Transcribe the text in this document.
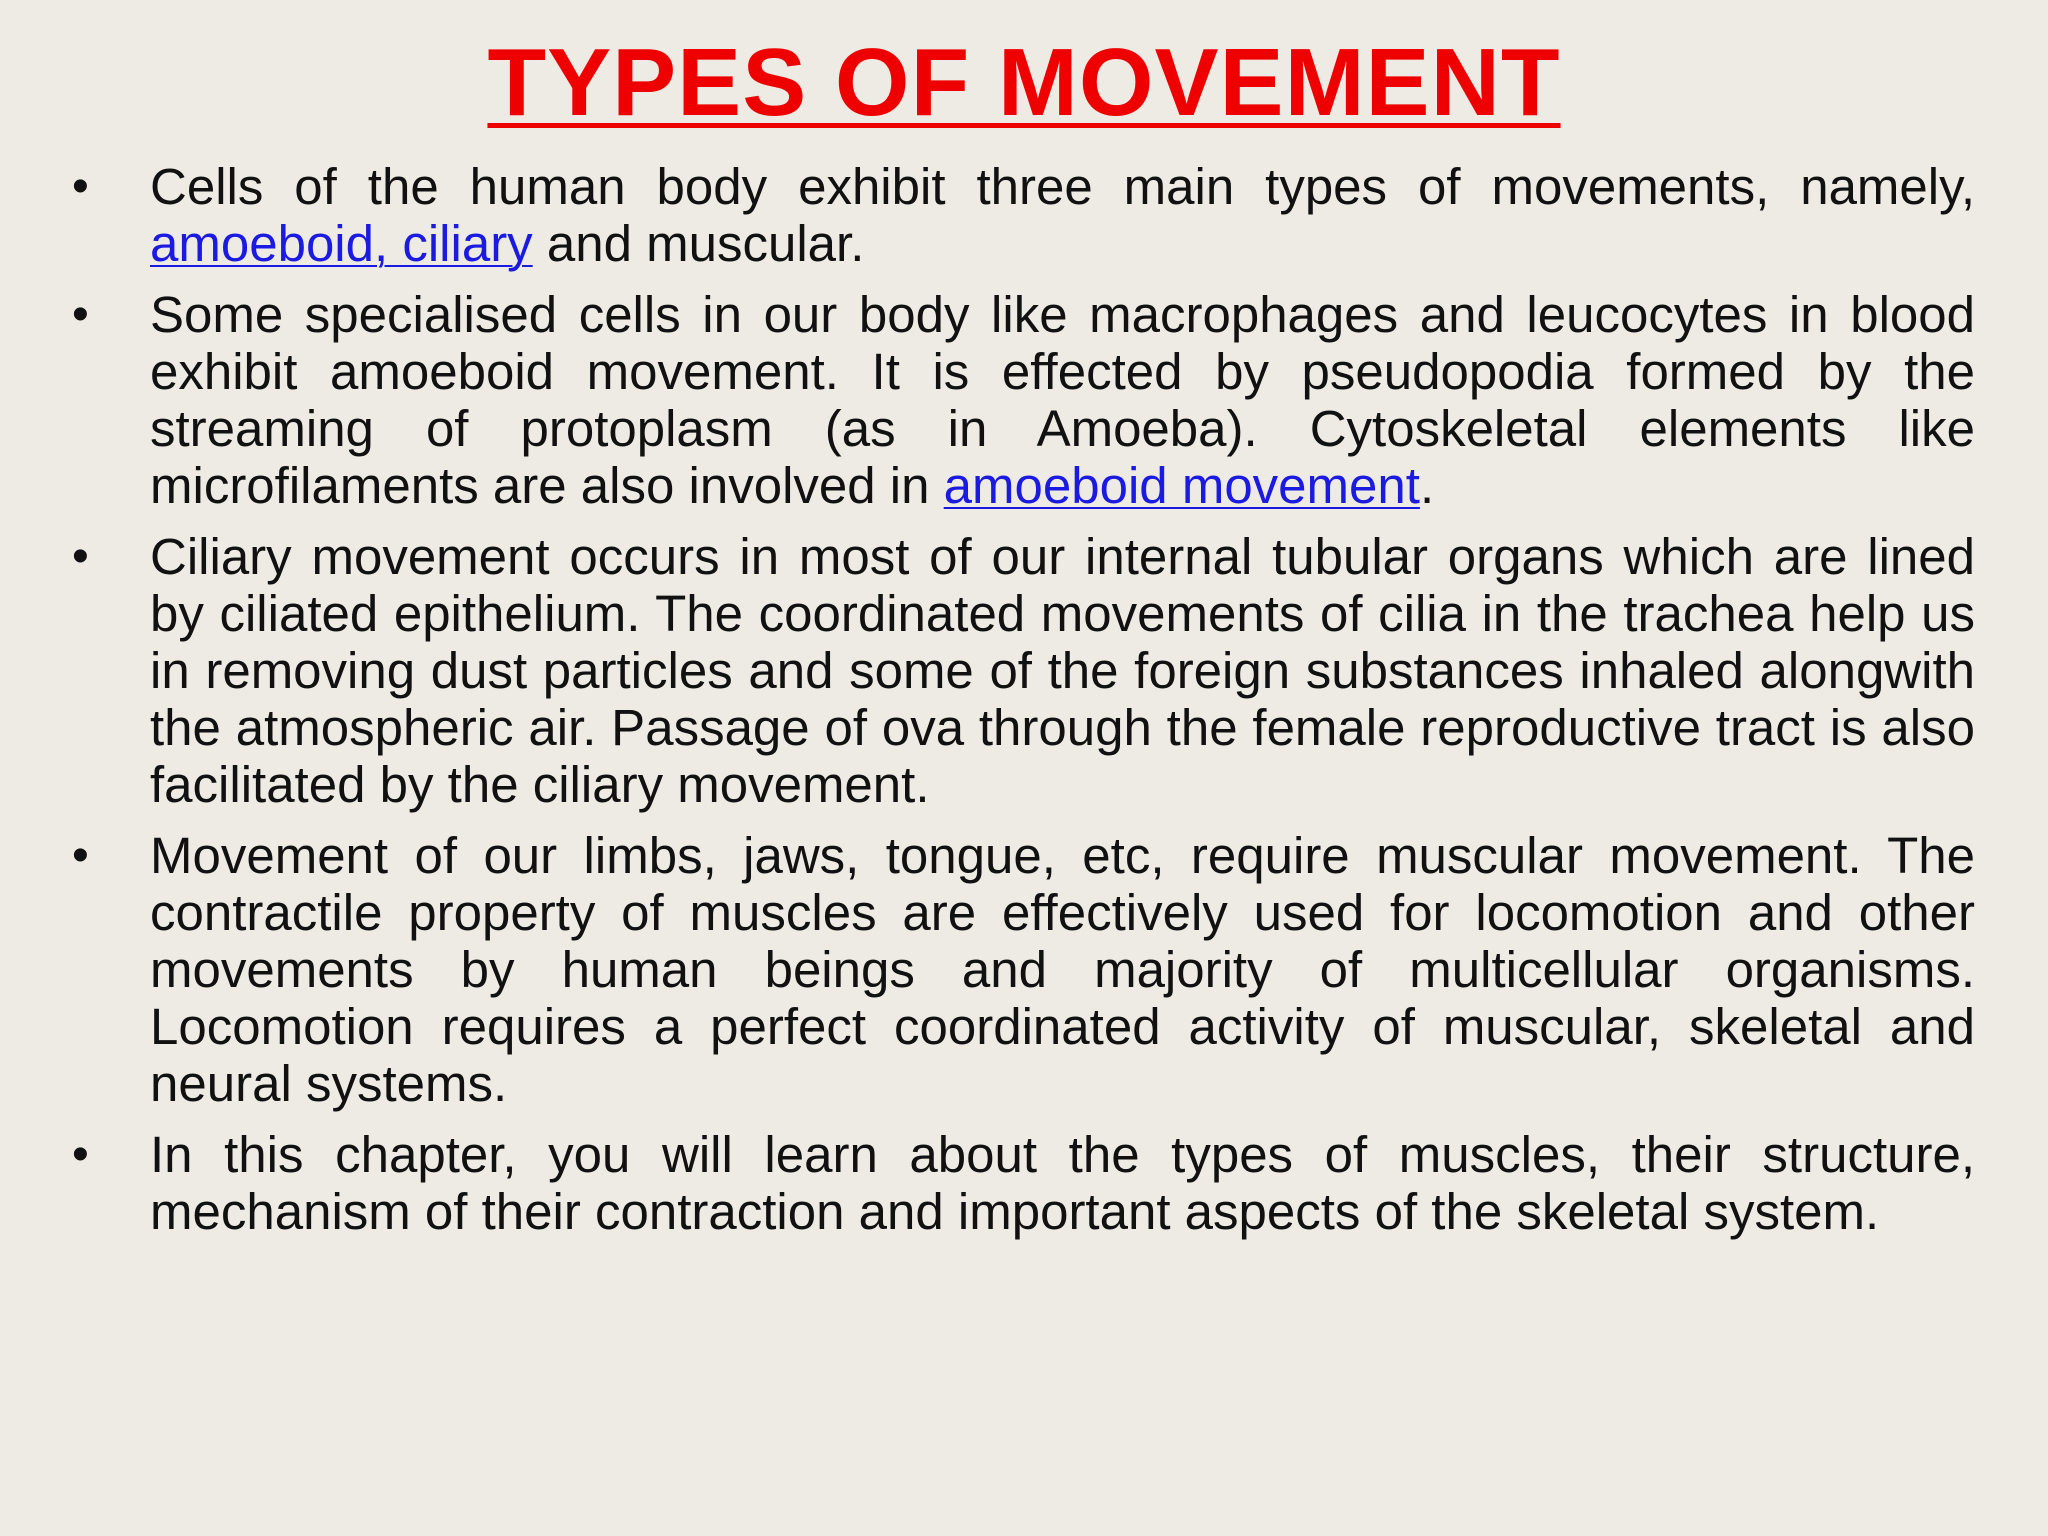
TYPES OF MOVEMENT
•	Cells of the human body exhibit three main types of movements, namely, amoeboid, ciliary and muscular.
•	Some specialised cells in our body like macrophages and leucocytes in blood exhibit amoeboid movement. It is effected by pseudopodia formed by the streaming of protoplasm (as in Amoeba). Cytoskeletal elements like microfilaments are also involved in amoeboid movement.
•	Ciliary movement occurs in most of our internal tubular organs which are lined by ciliated epithelium. The coordinated movements of cilia in the trachea help us in removing dust particles and some of the foreign substances inhaled alongwith the atmospheric air. Passage of ova through the female reproductive tract is also facilitated by the ciliary movement.
•	Movement of our limbs, jaws, tongue, etc, require muscular movement. The contractile property of muscles are effectively used for locomotion and other movements by human beings and majority of multicellular organisms. Locomotion requires a perfect coordinated activity of muscular, skeletal and neural systems.
•	In this chapter, you will learn about the types of muscles, their structure, mechanism of their contraction and important aspects of the skeletal system.
